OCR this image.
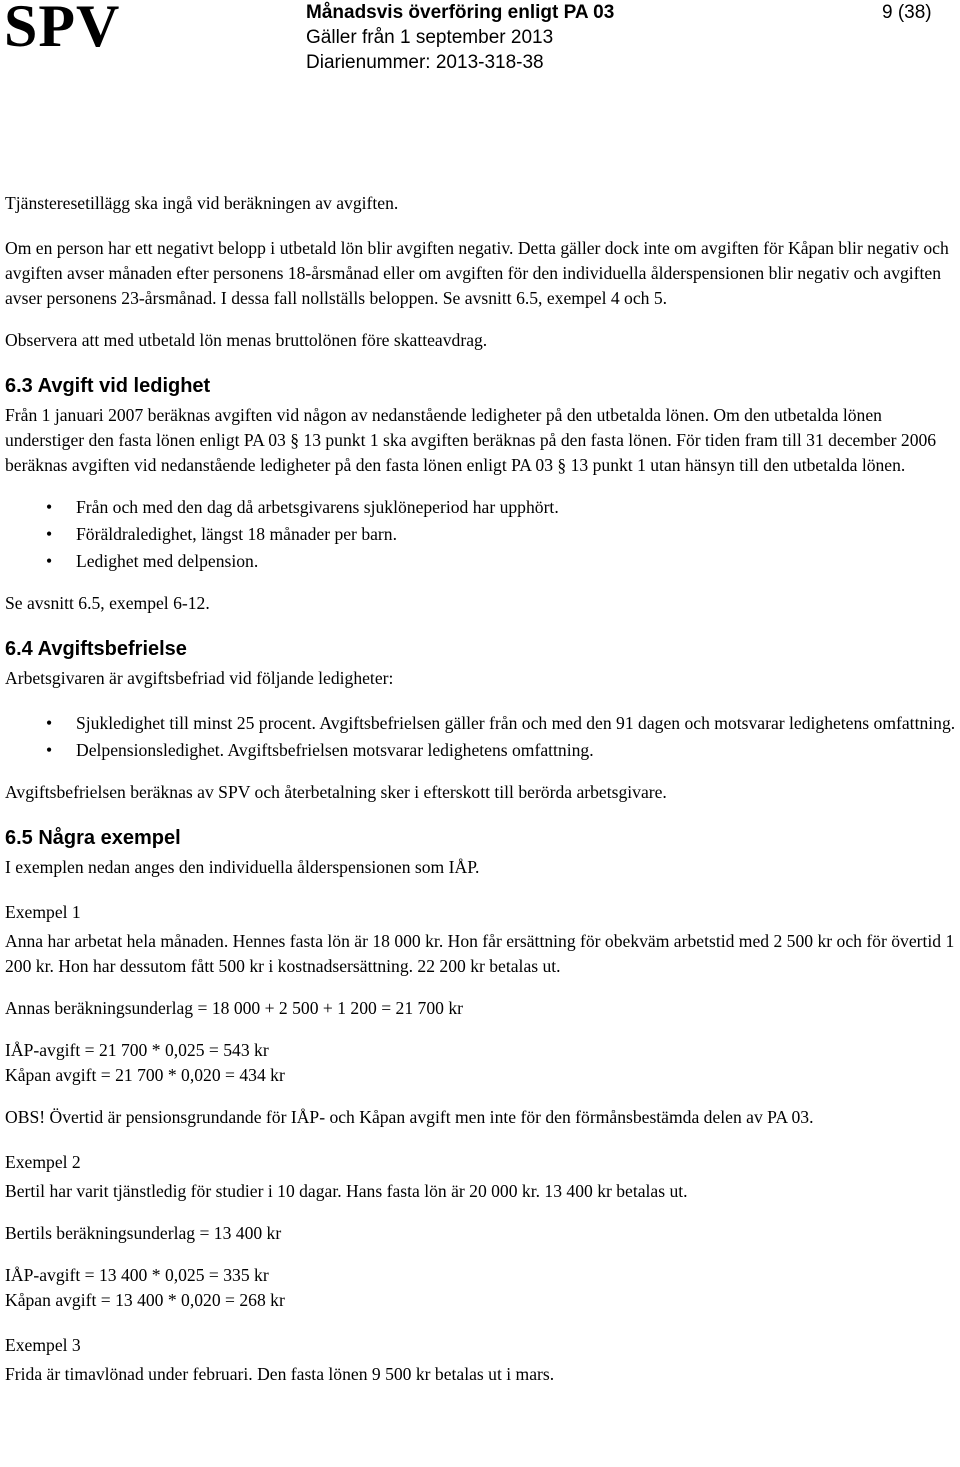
SPV	Månadsvis överföring enligt PA 03
Gäller från 1 september 2013
Diarienummer: 2013-318-38
9 (38)

Tjänsteresetillägg ska ingå vid beräkningen av avgiften.

Om en person har ett negativt belopp i utbetald lön blir avgiften negativ. Detta gäller dock inte om avgiften för Kåpan blir negativ och avgiften avser månaden efter personens 18-årsmånad eller om avgiften för den individuella ålderspensionen blir negativ och avgiften avser personens 23-årsmånad. I dessa fall nollställs beloppen. Se avsnitt 6.5, exempel 4 och 5.

Observera att med utbetald lön menas bruttolönen före skatteavdrag.

6.3 Avgift vid ledighet

Från 1 januari 2007 beräknas avgiften vid någon av nedanstående ledigheter på den utbetalda lönen. Om den utbetalda lönen understiger den fasta lönen enligt PA 03 § 13 punkt 1 ska avgiften beräknas på den fasta lönen. För tiden fram till 31 december 2006 beräknas avgiften vid nedanstående ledigheter på den fasta lönen enligt PA 03 § 13 punkt 1 utan hänsyn till den utbetalda lönen.

• Från och med den dag då arbetsgivarens sjuklöneperiod har upphört.
• Föräldraledighet, längst 18 månader per barn.
• Ledighet med delpension.

Se avsnitt 6.5, exempel 6-12.

6.4 Avgiftsbefrielse

Arbetsgivaren är avgiftsbefriad vid följande ledigheter:

• Sjukledighet till minst 25 procent. Avgiftsbefrielsen gäller från och med den 91 dagen och motsvarar ledighetens omfattning.
• Delpensionsledighet. Avgiftsbefrielsen motsvarar ledighetens omfattning.

Avgiftsbefrielsen beräknas av SPV och återbetalning sker i efterskott till berörda arbetsgivare.

6.5 Några exempel

I exemplen nedan anges den individuella ålderspensionen som IÅP.

Exempel 1

Anna har arbetat hela månaden. Hennes fasta lön är 18 000 kr. Hon får ersättning för obekväm arbetstid med 2 500 kr och för övertid 1 200 kr. Hon har dessutom fått 500 kr i kostnadsersättning. 22 200 kr betalas ut.

Annas beräkningsunderlag = 18 000 + 2 500 + 1 200 = 21 700 kr

IÅP-avgift = 21 700 * 0,025 = 543 kr

Kåpan avgift = 21 700 * 0,020 = 434 kr

OBS! Övertid är pensionsgrundande för IÅP- och Kåpan avgift men inte för den förmånsbestämda delen av PA 03.

Exempel 2

Bertil har varit tjänstledig för studier i 10 dagar. Hans fasta lön är 20 000 kr. 13 400 kr betalas ut.

Bertils beräkningsunderlag = 13 400 kr

IÅP-avgift = 13 400 * 0,025 = 335 kr

Kåpan avgift = 13 400 * 0,020 = 268 kr

Exempel 3

Frida är timavlönad under februari. Den fasta lönen 9 500 kr betalas ut i mars.
